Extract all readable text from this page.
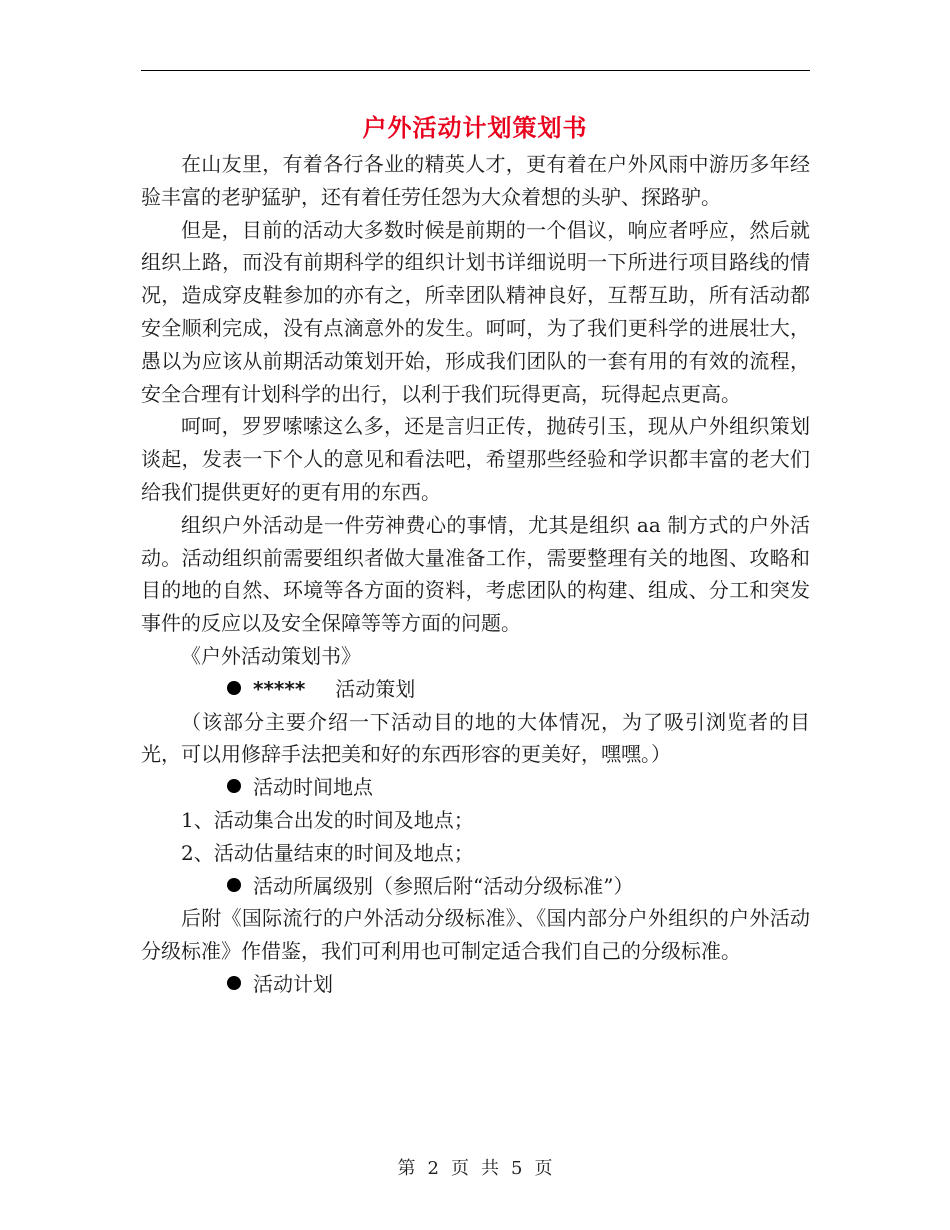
户外活动计划策划书

在山友里，有着各行各业的精英人才，更有着在户外风雨中游历多年经验丰富的老驴猛驴，还有着任劳任怨为大众着想的头驴、探路驴。

但是，目前的活动大多数时候是前期的一个倡议，响应者呼应，然后就组织上路，而没有前期科学的组织计划书详细说明一下所进行项目路线的情况，造成穿皮鞋参加的亦有之，所幸团队精神良好，互帮互助，所有活动都安全顺利完成，没有点滴意外的发生。呵呵，为了我们更科学的进展壮大，愚以为应该从前期活动策划开始，形成我们团队的一套有用的有效的流程，安全合理有计划科学的出行，以利于我们玩得更高，玩得起点更高。

呵呵，罗罗嗦嗦这么多，还是言归正传，抛砖引玉，现从户外组织策划谈起，发表一下个人的意见和看法吧，希望那些经验和学识都丰富的老大们给我们提供更好的更有用的东西。

组织户外活动是一件劳神费心的事情，尤其是组织 aa 制方式的户外活动。活动组织前需要组织者做大量准备工作，需要整理有关的地图、攻略和目的地的自然、环境等各方面的资料，考虑团队的构建、组成、分工和突发事件的反应以及安全保障等等方面的问题。

《户外活动策划书》

***** 活动策划

（该部分主要介绍一下活动目的地的大体情况，为了吸引浏览者的目光，可以用修辞手法把美和好的东西形容的更美好，嘿嘿。）

活动时间地点

1、活动集合出发的时间及地点；

2、活动估量结束的时间及地点；

活动所属级别（参照后附“活动分级标准”）

后附《国际流行的户外活动分级标准》、《国内部分户外组织的户外活动分级标准》作借鉴，我们可利用也可制定适合我们自己的分级标准。

活动计划

第 2 页 共 5 页
